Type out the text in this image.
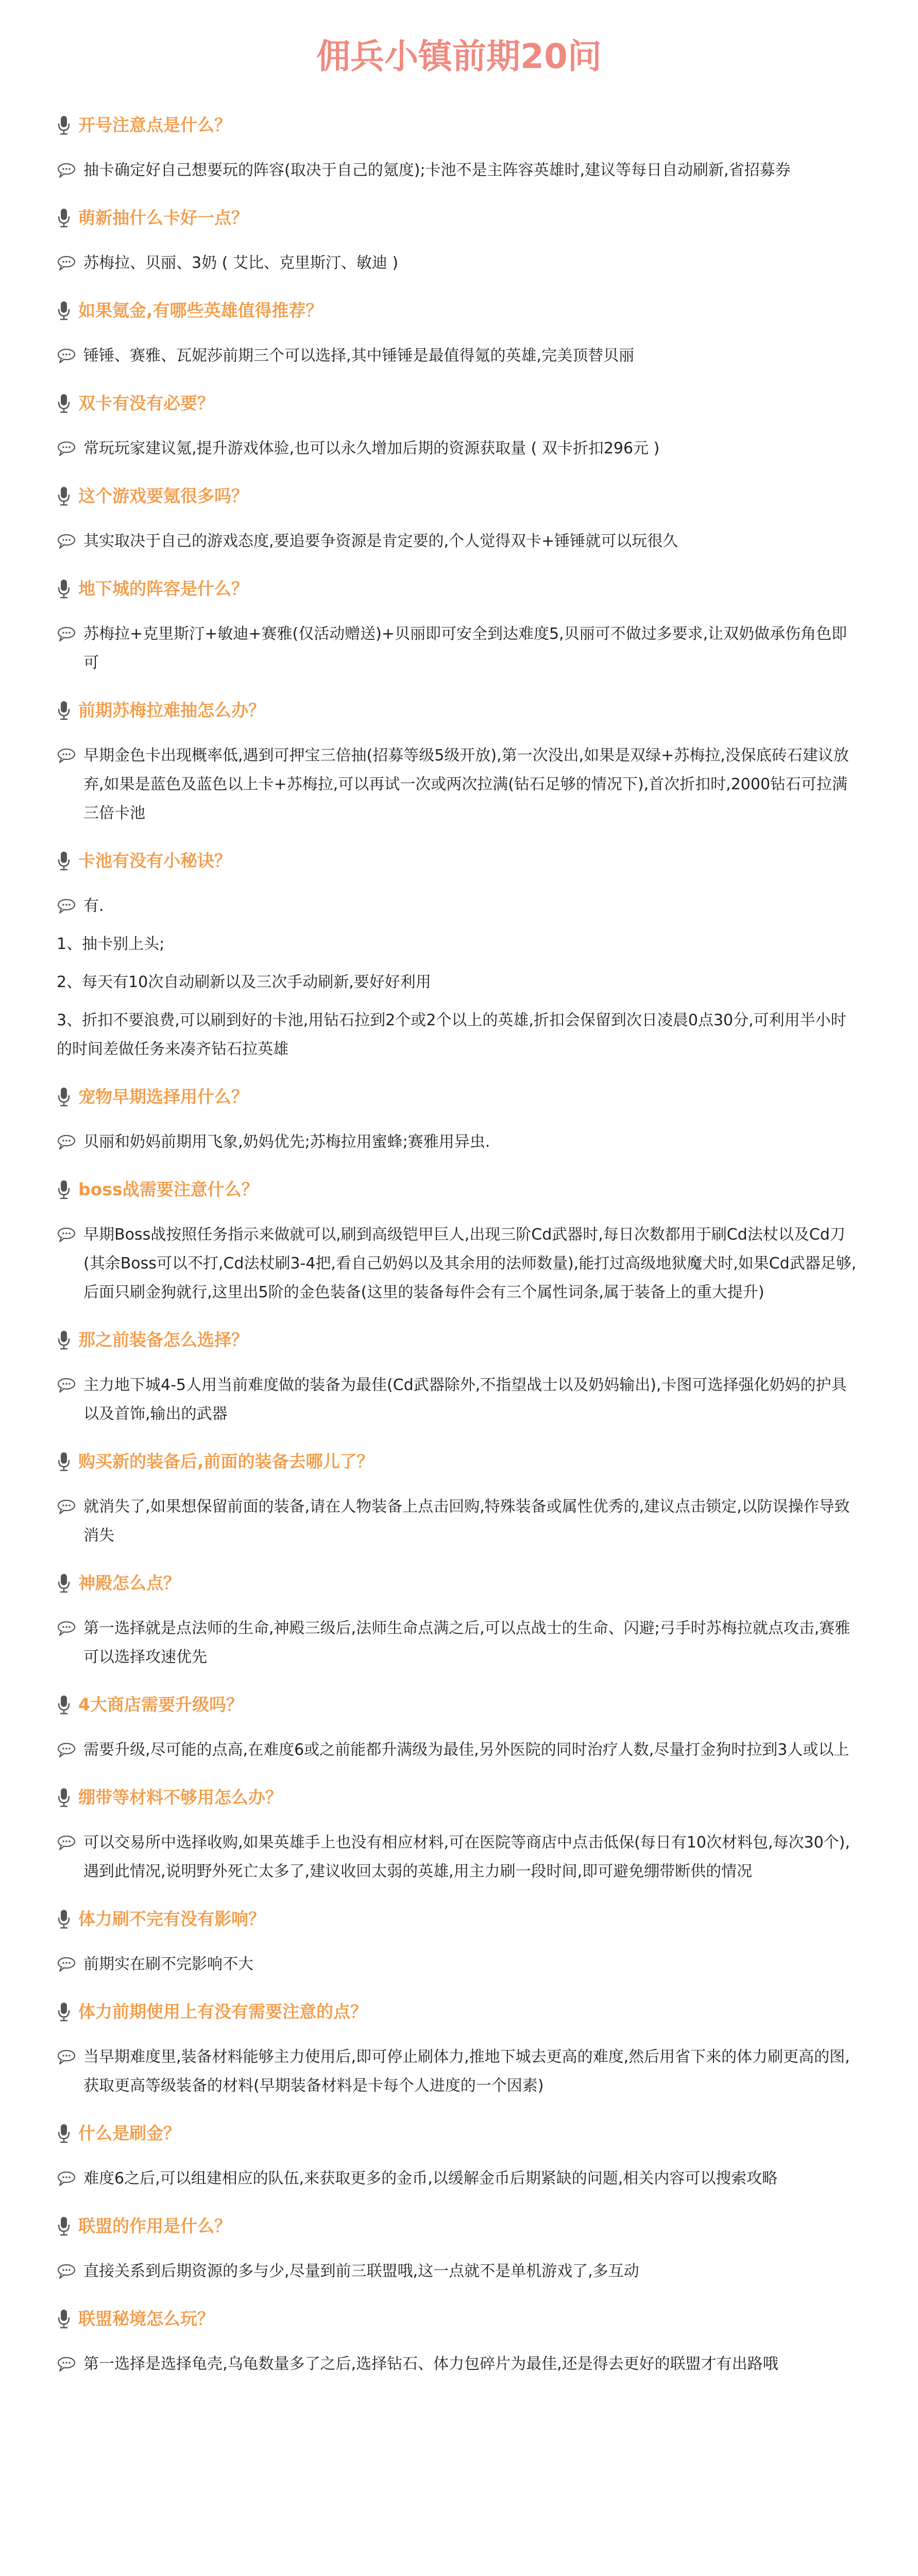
佣兵小镇前期20问
开号注意点是什么？
抽卡确定好自己想要玩的阵容(取决于自己的氪度);卡池不是主阵容英雄时,建议等每日自动刷新,省招募券
萌新抽什么卡好一点？
苏梅拉、贝丽、3奶 ( 艾比、克里斯汀、敏迪 )
如果氪金,有哪些英雄值得推荐？
锤锤、赛雅、瓦妮莎前期三个可以选择,其中锤锤是最值得氪的英雄,完美顶替贝丽
双卡有没有必要？
常玩玩家建议氪,提升游戏体验,也可以永久增加后期的资源获取量 ( 双卡折扣296元 )
这个游戏要氪很多吗？
其实取决于自己的游戏态度,要追要争资源是肯定要的,个人觉得双卡+锤锤就可以玩很久
地下城的阵容是什么？
苏梅拉+克里斯汀+敏迪+赛雅(仅活动赠送)+贝丽即可安全到达难度5,贝丽可不做过多要求,让双奶做承伤角色即可
前期苏梅拉难抽怎么办？
早期金色卡出现概率低,遇到可押宝三倍抽(招募等级5级开放),第一次没出,如果是双绿+苏梅拉,没保底砖石建议放弃,如果是蓝色及蓝色以上卡+苏梅拉,可以再试一次或两次拉满(钻石足够的情况下),首次折扣时,2000钻石可拉满三倍卡池
卡池有没有小秘诀？
有.
1、抽卡别上头;
2、每天有10次自动刷新以及三次手动刷新,要好好利用
3、折扣不要浪费,可以刷到好的卡池,用钻石拉到2个或2个以上的英雄,折扣会保留到次日凌晨0点30分,可利用半小时的时间差做任务来凑齐钻石拉英雄
宠物早期选择用什么？
贝丽和奶妈前期用飞象,奶妈优先;苏梅拉用蜜蜂;赛雅用异虫.
boss战需要注意什么？
早期Boss战按照任务指示来做就可以,刷到高级铠甲巨人,出现三阶Cd武器时,每日次数都用于刷Cd法杖以及Cd刀(其余Boss可以不打,Cd法杖刷3-4把,看自己奶妈以及其余用的法师数量),能打过高级地狱魔犬时,如果Cd武器足够,后面只刷金狗就行,这里出5阶的金色装备(这里的装备每件会有三个属性词条,属于装备上的重大提升)
那之前装备怎么选择？
主力地下城4-5人用当前难度做的装备为最佳(Cd武器除外,不指望战士以及奶妈输出),卡图可选择强化奶妈的护具以及首饰,输出的武器
购买新的装备后,前面的装备去哪儿了？
就消失了,如果想保留前面的装备,请在人物装备上点击回购,特殊装备或属性优秀的,建议点击锁定,以防误操作导致消失
神殿怎么点？
第一选择就是点法师的生命,神殿三级后,法师生命点满之后,可以点战士的生命、闪避;弓手时苏梅拉就点攻击,赛雅可以选择攻速优先
4大商店需要升级吗？
需要升级,尽可能的点高,在难度6或之前能都升满级为最佳,另外医院的同时治疗人数,尽量打金狗时拉到3人或以上
绷带等材料不够用怎么办？
可以交易所中选择收购,如果英雄手上也没有相应材料,可在医院等商店中点击低保(每日有10次材料包,每次30个),遇到此情况,说明野外死亡太多了,建议收回太弱的英雄,用主力刷一段时间,即可避免绷带断供的情况
体力刷不完有没有影响？
前期实在刷不完影响不大
体力前期使用上有没有需要注意的点？
当早期难度里,装备材料能够主力使用后,即可停止刷体力,推地下城去更高的难度,然后用省下来的体力刷更高的图,获取更高等级装备的材料(早期装备材料是卡每个人进度的一个因素)
什么是刷金？
难度6之后,可以组建相应的队伍,来获取更多的金币,以缓解金币后期紧缺的问题,相关内容可以搜索攻略
联盟的作用是什么？
直接关系到后期资源的多与少,尽量到前三联盟哦,这一点就不是单机游戏了,多互动
联盟秘境怎么玩？
第一选择是选择龟壳,乌龟数量多了之后,选择钻石、体力包碎片为最佳,还是得去更好的联盟才有出路哦
